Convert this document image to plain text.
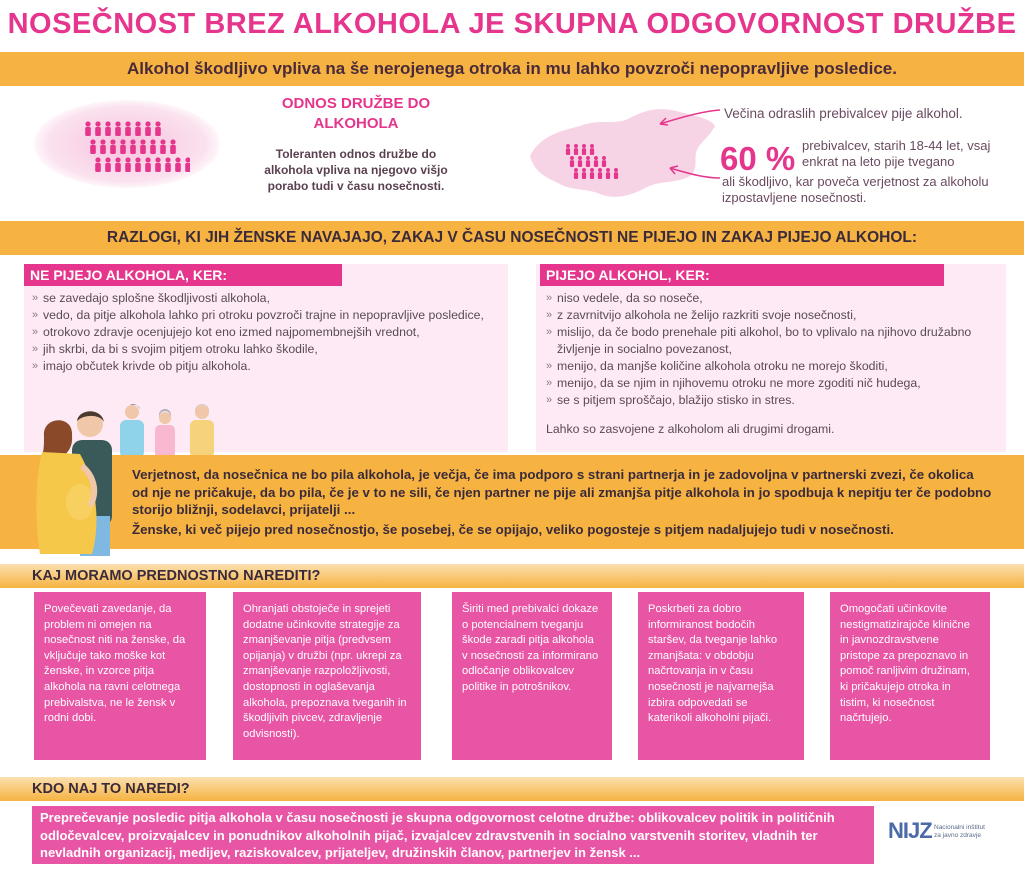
NOSEČNOST BREZ ALKOHOLA JE SKUPNA ODGOVORNOST DRUŽBE
Alkohol škodljivo vpliva na še nerojenega otroka in mu lahko povzroči nepopravljive posledice.
ODNOS DRUŽBE DO ALKOHOLA
Toleranten odnos družbe do alkohola vpliva na njegovo višjo porabo tudi v času nosečnosti.
Večina odraslih prebivalcev pije alkohol.
60 % prebivalcev, starih 18-44 let, vsaj enkrat na leto pije tvegano
ali škodljivo, kar poveča verjetnost za alkoholu izpostavljene nosečnosti.
RAZLOGI, KI JIH ŽENSKE NAVAJAJO, ZAKAJ V ČASU NOSEČNOSTI NE PIJEJO IN ZAKAJ PIJEJO ALKOHOL:
NE PIJEJO ALKOHOLA, KER:
» se zavedajo splošne škodljivosti alkohola,
» vedo, da pitje alkohola lahko pri otroku povzroči trajne in nepopravljive posledice,
» otrokovo zdravje ocenjujejo kot eno izmed najpomembnejših vrednot,
» jih skrbi, da bi s svojim pitjem otroku lahko škodile,
» imajo občutek krivde ob pitju alkohola.
PIJEJO ALKOHOL, KER:
» niso vedele, da so noseče,
» z zavrnitvijo alkohola ne želijo razkriti svoje nosečnosti,
» mislijo, da če bodo prenehale piti alkohol, bo to vplivalo na njihovo družabno življenje in socialno povezanost,
» menijo, da manjše količine alkohola otroku ne morejo škoditi,
» menijo, da se njim in njihovemu otroku ne more zgoditi nič hudega,
» se s pitjem sproščajo, blažijo stisko in stres.
Lahko so zasvojene z alkoholom ali drugimi drogami.
Verjetnost, da nosečnica ne bo pila alkohola, je večja, če ima podporo s strani partnerja in je zadovoljna v partnerski zvezi, če okolica od nje ne pričakuje, da bo pila, če je v to ne sili, če njen partner ne pije ali zmanjša pitje alkohola in jo spodbuja k nepitju ter če podobno storijo bližnji, sodelavci, prijatelji ...
Ženske, ki več pijejo pred nosečnostjo, še posebej, če se opijajo, veliko pogosteje s pitjem nadaljujejo tudi v nosečnosti.
KAJ MORAMO PREDNOSTNO NAREDITI?
Povečevati zavedanje, da problem ni omejen na nosečnost niti na ženske, da vključuje tako moške kot ženske, in vzorce pitja alkohola na ravni celotnega prebivalstva, ne le žensk v rodni dobi.
Ohranjati obstoječe in sprejeti dodatne učinkovite strategije za zmanjševanje pitja (predvsem opijanja) v družbi (npr. ukrepi za zmanjševanje razpoložljivosti, dostopnosti in oglaševanja alkohola, prepoznava tveganih in škodljivih pivcev, zdravljenje odvisnosti).
Širiti med prebivalci dokaze o potencialnem tveganju škode zaradi pitja alkohola v nosečnosti za informirano odločanje oblikovalcev politike in potrošnikov.
Poskrbeti za dobro informiranost bodočih staršev, da tveganje lahko zmanjšata: v obdobju načrtovanja in v času nosečnosti je najvarnejša izbira odpovedati se katerikoli alkoholni pijači.
Omogočati učinkovite nestigmatizirajoče klinične in javnozdravstvene pristope za prepoznavo in pomoč ranljivim družinam, ki pričakujejo otroka in tistim, ki nosečnost načrtujejo.
KDO NAJ TO NAREDI?
Preprečevanje posledic pitja alkohola v času nosečnosti je skupna odgovornost celotne družbe: oblikovalcev politik in političnih odločevalcev, proizvajalcev in ponudnikov alkoholnih pijač, izvajalcev zdravstvenih in socialno varstvenih storitev, vladnih ter nevladnih organizacij, medijev, raziskovalcev, prijateljev, družinskih članov, partnerjev in žensk ...
NIJZ Nacionalni inštitut
za javno zdravje
